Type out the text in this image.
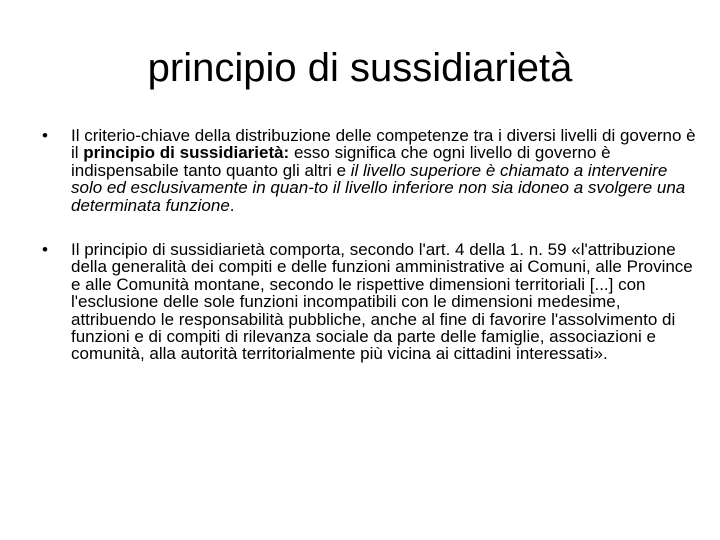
principio di sussidiarietà
• Il criterio-chiave della distribuzione delle competenze tra i diversi livelli di governo è il principio di sussidiarietà: esso significa che ogni livello di governo è indispensabile tanto quanto gli altri e il livello superiore è chiamato a intervenire solo ed esclusivamente in quan-to il livello inferiore non sia idoneo a svolgere una determinata funzione.
• Il principio di sussidiarietà comporta, secondo l'art. 4 della 1. n. 59 «l'attribuzione della generalità dei compiti e delle funzioni amministrative ai Comuni, alle Province e alle Comunità montane, secondo le rispettive dimensioni territoriali [...] con l'esclusione delle sole funzioni incompatibili con le dimensioni medesime, attribuendo le responsabilità pubbliche, anche al fine di favorire l'assolvimento di funzioni e di compiti di rilevanza sociale da parte delle famiglie, associazioni e comunità, alla autorità territorialmente più vicina ai cittadini interessati».
